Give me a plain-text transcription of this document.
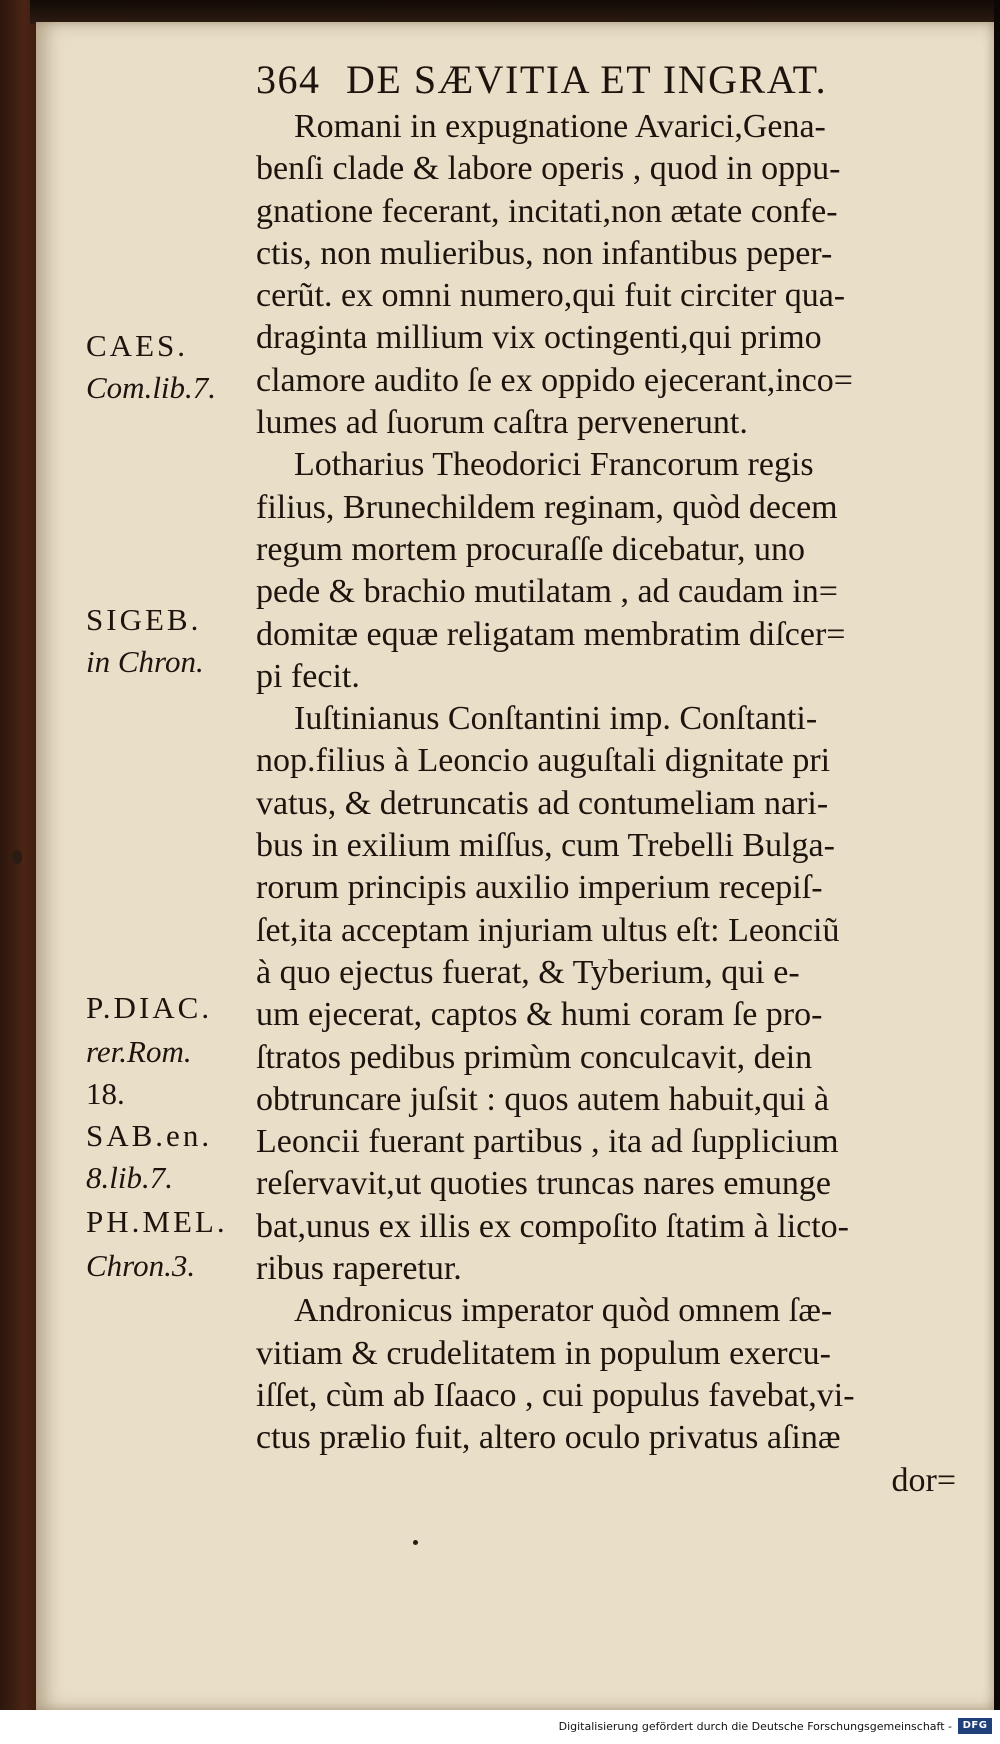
364 DE SÆVITIA ET INGRAT.
Romani in expugnatione Avarici,Gena-
benſi clade & labore operis , quod in oppu-
gnatione fecerant, incitati,non ætate confe-
ctis, non mulieribus, non infantibus peper-
cerũt. ex omni numero,qui fuit circiter qua-
draginta millium vix octingenti,qui primo
clamore audito ſe ex oppido ejecerant,inco=
lumes ad ſuorum caſtra pervenerunt.
Lotharius Theodorici Francorum regis
filius, Brunechildem reginam, quòd decem
regum mortem procuraſſe dicebatur, uno
pede & brachio mutilatam , ad caudam in=
domitæ equæ religatam membratim diſcer=
pi fecit.
Iuſtinianus Conſtantini imp. Conſtanti-
nop.filius à Leoncio auguſtali dignitate pri
vatus, & detruncatis ad contumeliam nari-
bus in exilium miſſus, cum Trebelli Bulga-
rorum principis auxilio imperium recepiſ-
ſet,ita acceptam injuriam ultus eſt: Leonciũ
à quo ejectus fuerat, & Tyberium, qui e-
um ejecerat, captos & humi coram ſe pro-
ſtratos pedibus primùm conculcavit, dein
obtruncare juſsit : quos autem habuit,qui à
Leoncii fuerant partibus , ita ad ſupplicium
reſervavit,ut quoties truncas nares emunge
bat,unus ex illis ex compoſito ſtatim à licto-
ribus raperetur.
Andronicus imperator quòd omnem ſæ-
vitiam & crudelitatem in populum exercu-
iſſet, cùm ab Iſaaco , cui populus favebat,vi-
ctus prælio fuit, altero oculo privatus aſinæ
dor=
CAES.
Com.lib.7.
SIGEB.
in Chron.
P.DIAC.
rer.Rom.
18.
SAB.en.
8.lib.7.
PH.MEL.
Chron.3.
Digitalisierung gefördert durch die Deutsche Forschungsgemeinschaft -	DFG
